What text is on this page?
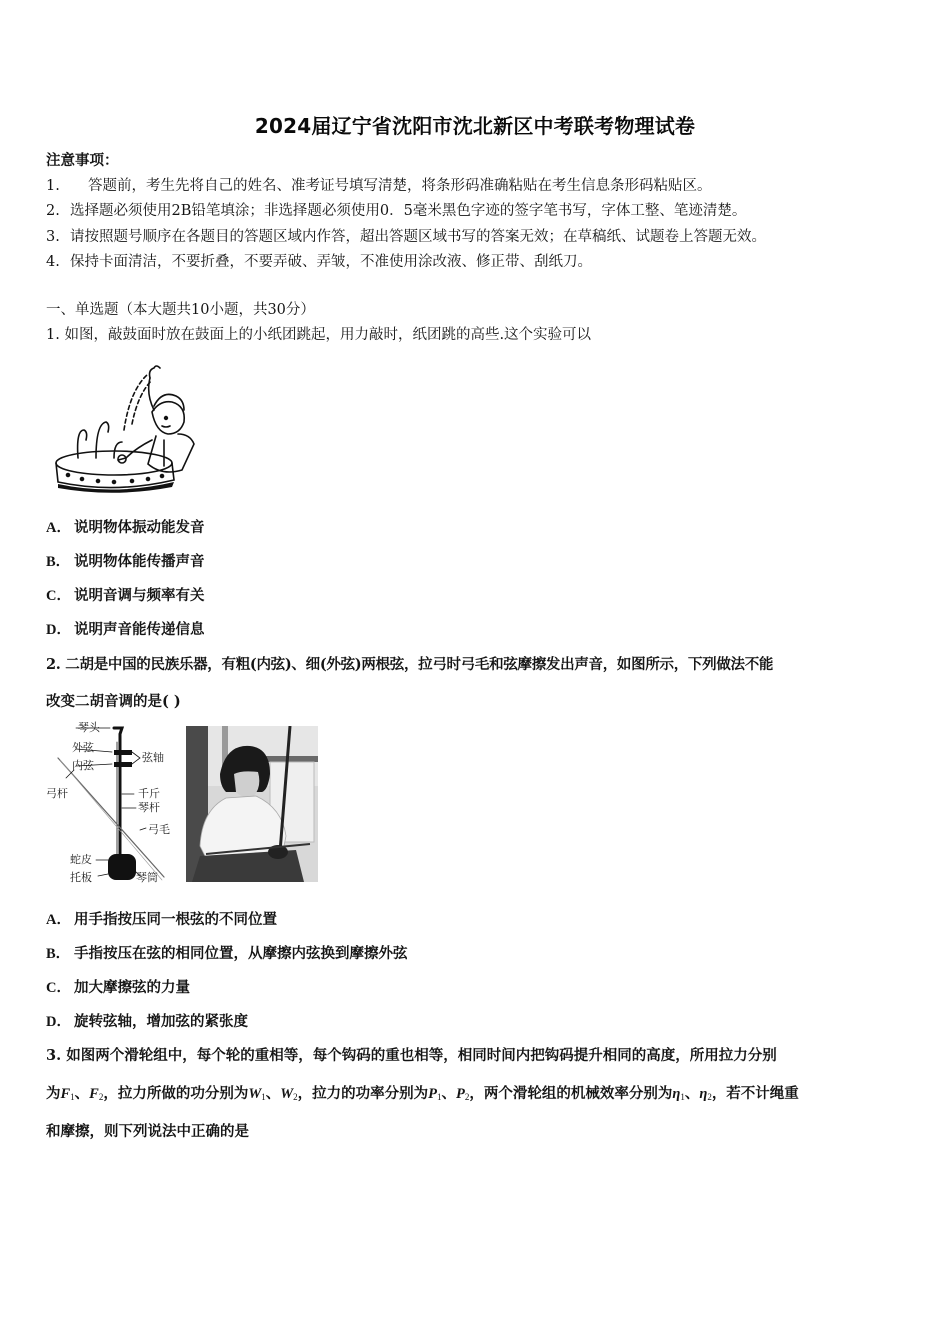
2024届辽宁省沈阳市沈北新区中考联考物理试卷
注意事项：
1. 答题前，考生先将自己的姓名、准考证号填写清楚，将条形码准确粘贴在考生信息条形码粘贴区。
2. 选择题必须使用2B铅笔填涂；非选择题必须使用0．5毫米黑色字迹的签字笔书写，字体工整、笔迹清楚。
3. 请按照题号顺序在各题目的答题区域内作答，超出答题区域书写的答案无效；在草稿纸、试题卷上答题无效。
4. 保持卡面清洁，不要折叠，不要弄破、弄皱，不准使用涂改液、修正带、刮纸刀。
一、单选题（本大题共10小题，共30分）
1. 如图，敲鼓面时放在鼓面上的小纸团跳起，用力敲时，纸团跳的高些.这个实验可以
A． 说明物体振动能发音
B． 说明物体能传播声音
C． 说明音调与频率有关
D． 说明声音能传递信息
2. 二胡是中国的民族乐器，有粗(内弦)、细(外弦)两根弦，拉弓时弓毛和弦摩擦发出声音，如图所示，下列做法不能
改变二胡音调的是( )
琴头
外弦
内弦
弦轴
弓杆	千斤
琴杆
弓毛
蛇皮
托板	琴筒
A． 用手指按压同一根弦的不同位置
B． 手指按压在弦的相同位置，从摩擦内弦换到摩擦外弦
C． 加大摩擦弦的力量
D． 旋转弦轴，增加弦的紧张度
3. 如图两个滑轮组中，每个轮的重相等，每个钩码的重也相等，相同时间内把钩码提升相同的高度，所用拉力分别
为$F_1$、$F_2$，拉力所做的功分别为$W_1$、$W_2$，拉力的功率分别为$P_1$、$P_2$，两个滑轮组的机械效率分别为$\eta_1$、$\eta_2$，若不计绳重
和摩擦，则下列说法中正确的是
